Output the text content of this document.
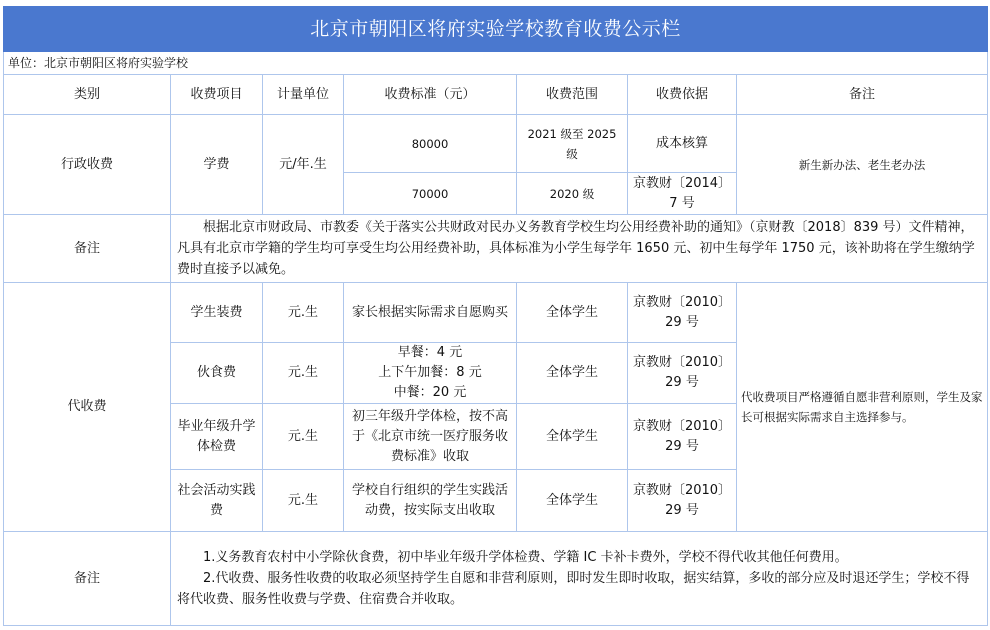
北京市朝阳区将府实验学校教育收费公示栏						
单位：北京市朝阳区将府实验学校						
类别	收费项目	计量单位	收费标准（元）	收费范围	收费依据	备注
行政收费	学费	元/年.生	80000	2021 级至 2025 级	成本核算	新生新办法、老生老办法
			70000	2020 级	京教财〔2014〕7 号	
备注	根据北京市财政局、市教委《关于落实公共财政对民办义务教育学校生均公用经费补助的通知》（京财教〔2018〕839 号）文件精神，凡具有北京市学籍的学生均可享受生均公用经费补助，具体标准为小学生每学年 1650 元、初中生每学年 1750 元，该补助将在学生缴纳学费时直接予以减免。					
代收费	学生装费	元.生	家长根据实际需求自愿购买	全体学生	京教财〔2010〕29 号	代收费项目严格遵循自愿非营利原则，学生及家长可根据实际需求自主选择参与。
	伙食费	元.生	早餐：4 元
上下午加餐：8 元
中餐：20 元	全体学生	京教财〔2010〕29 号	
	毕业年级升学体检费	元.生	初三年级升学体检，按不高于《北京市统一医疗服务收费标准》收取	全体学生	京教财〔2010〕29 号	
	社会活动实践费	元.生	学校自行组织的学生实践活动费，按实际支出收取	全体学生	京教财〔2010〕29 号	
备注	1.义务教育农村中小学除伙食费，初中毕业年级升学体检费、学籍 IC 卡补卡费外，学校不得代收其他任何费用。
2.代收费、服务性收费的收取必须坚持学生自愿和非营利原则，即时发生即时收取，据实结算，多收的部分应及时退还学生；学校不得将代收费、服务性收费与学费、住宿费合并收取。					
